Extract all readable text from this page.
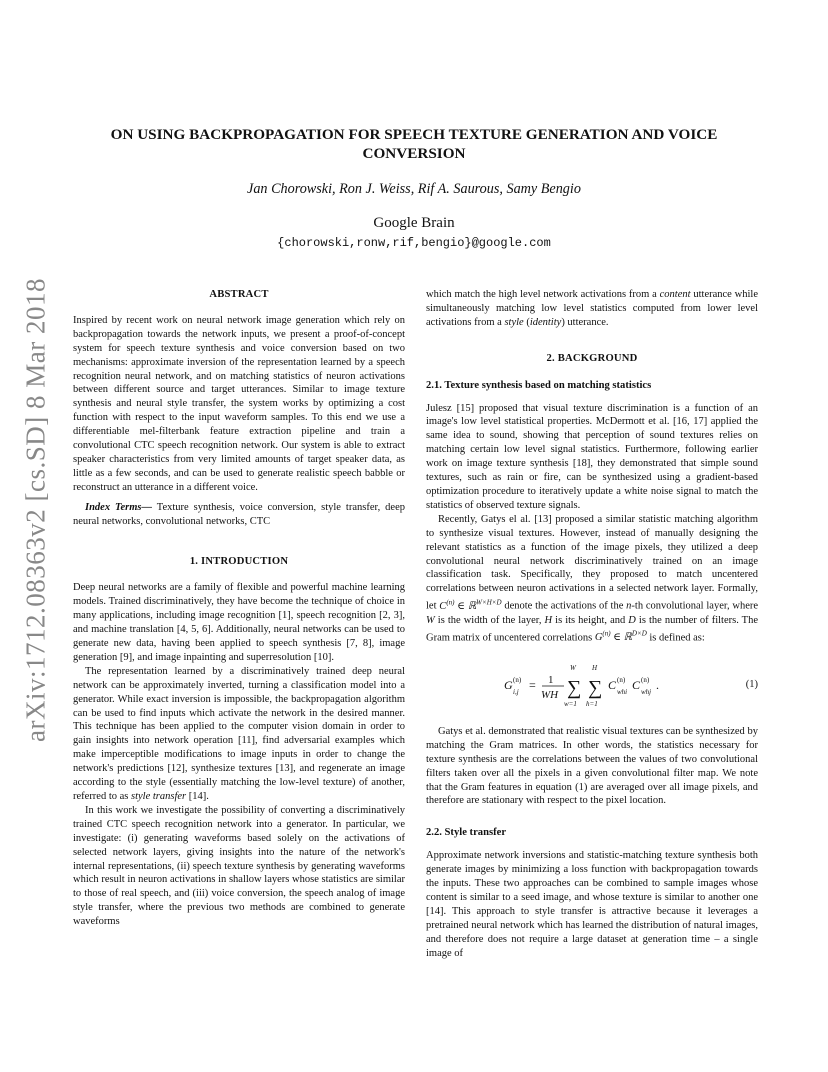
arXiv:1712.08363v2 [cs.SD] 8 Mar 2018
ON USING BACKPROPAGATION FOR SPEECH TEXTURE GENERATION AND VOICE
CONVERSION
Jan Chorowski, Ron J. Weiss, Rif A. Saurous, Samy Bengio
Google Brain
{chorowski,ronw,rif,bengio}@google.com
ABSTRACT

Inspired by recent work on neural network image generation which rely on backpropagation towards the network inputs, we present a proof-of-concept system for speech texture synthesis and voice conversion based on two mechanisms: approximate inversion of the representation learned by a speech recognition neural network, and on matching statistics of neuron activations between different source and target utterances. Similar to image texture synthesis and neural style transfer, the system works by optimizing a cost function with respect to the input waveform samples. To this end we use a differentiable mel-filterbank feature extraction pipeline and train a convolutional CTC speech recognition network. Our system is able to extract speaker characteristics from very limited amounts of target speaker data, as little as a few seconds, and can be used to generate realistic speech babble or reconstruct an utterance in a different voice.

Index Terms— Texture synthesis, voice conversion, style transfer, deep neural networks, convolutional networks, CTC

1. INTRODUCTION

Deep neural networks are a family of flexible and powerful machine learning models. Trained discriminatively, they have become the technique of choice in many applications, including image recognition [1], speech recognition [2, 3], and machine translation [4, 5, 6]. Additionally, neural networks can be used to generate new data, having been applied to speech synthesis [7, 8], image generation [9], and image inpainting and superresolution [10].

The representation learned by a discriminatively trained deep neural network can be approximately inverted, turning a classification model into a generator. While exact inversion is impossible, the backpropagation algorithm can be used to find inputs which activate the network in the desired manner. This technique has been applied to the computer vision domain in order to gain insights into network operation [11], find adversarial examples which make imperceptible modifications to image inputs in order to change the network's predictions [12], synthesize textures [13], and regenerate an image according to the style (essentially matching the low-level texture) of another, referred to as style transfer [14].

In this work we investigate the possibility of converting a discriminatively trained CTC speech recognition network into a generator. In particular, we investigate: (i) generating waveforms based solely on the activations of selected network layers, giving insights into the nature of the network's internal representations, (ii) speech texture synthesis by generating waveforms which result in neuron activations in shallow layers whose statistics are similar to those of real speech, and (iii) voice conversion, the speech analog of image style transfer, where the previous two methods are combined to generate waveforms

which match the high level network activations from a content utterance while simultaneously matching low level statistics computed from lower level activations from a style (identity) utterance.

2. BACKGROUND
2.1. Texture synthesis based on matching statistics

Julesz [15] proposed that visual texture discrimination is a function of an image's low level statistical properties. McDermott et al. [16, 17] applied the same idea to sound, showing that perception of sound textures relies on matching certain low level signal statistics. Furthermore, following earlier work on image texture synthesis [18], they demonstrated that simple sound textures, such as rain or fire, can be synthesized using a gradient-based optimization procedure to iteratively update a white noise signal to match the statistics of observed texture signals.

Recently, Gatys el al. [13] proposed a similar statistic matching algorithm to synthesize visual textures. However, instead of manually designing the relevant statistics as a function of the image pixels, they utilized a deep convolutional neural network discriminatively trained on an image classification task. Specifically, they proposed to match uncentered correlations between neuron activations in a selected network layer. Formally, let $C^{(n)}$ ∈ ℝ$^{W\times H\times D}$ denote the activations of the n-th convolutional layer, where W is the width of the layer, H is its height, and D is the number of filters. The Gram matrix of uncentered correlations $G^{(n)}$ ∈ ℝ$^{D\times D}$ is defined as:

G (n)
i,j = 1
WH
W
∑
w=1
H
∑
h=1
C (n)
whi C (n)
whj .	(1)

Gatys et al. demonstrated that realistic visual textures can be synthesized by matching the Gram matrices. In other words, the statistics necessary for texture synthesis are the correlations between the values of two convolutional filters taken over all the pixels in a given convolutional filter map. We note that the Gram features in equation (1) are averaged over all image pixels, and therefore are stationary with respect to the pixel location.

2.2. Style transfer

Approximate network inversions and statistic-matching texture synthesis both generate images by minimizing a loss function with backpropagation towards the inputs. These two approaches can be combined to sample images whose content is similar to a seed image, and whose texture is similar to another one [14]. This approach to style transfer is attractive because it leverages a pretrained neural network which has learned the distribution of natural images, and therefore does not require a large dataset at generation time – a single image of
